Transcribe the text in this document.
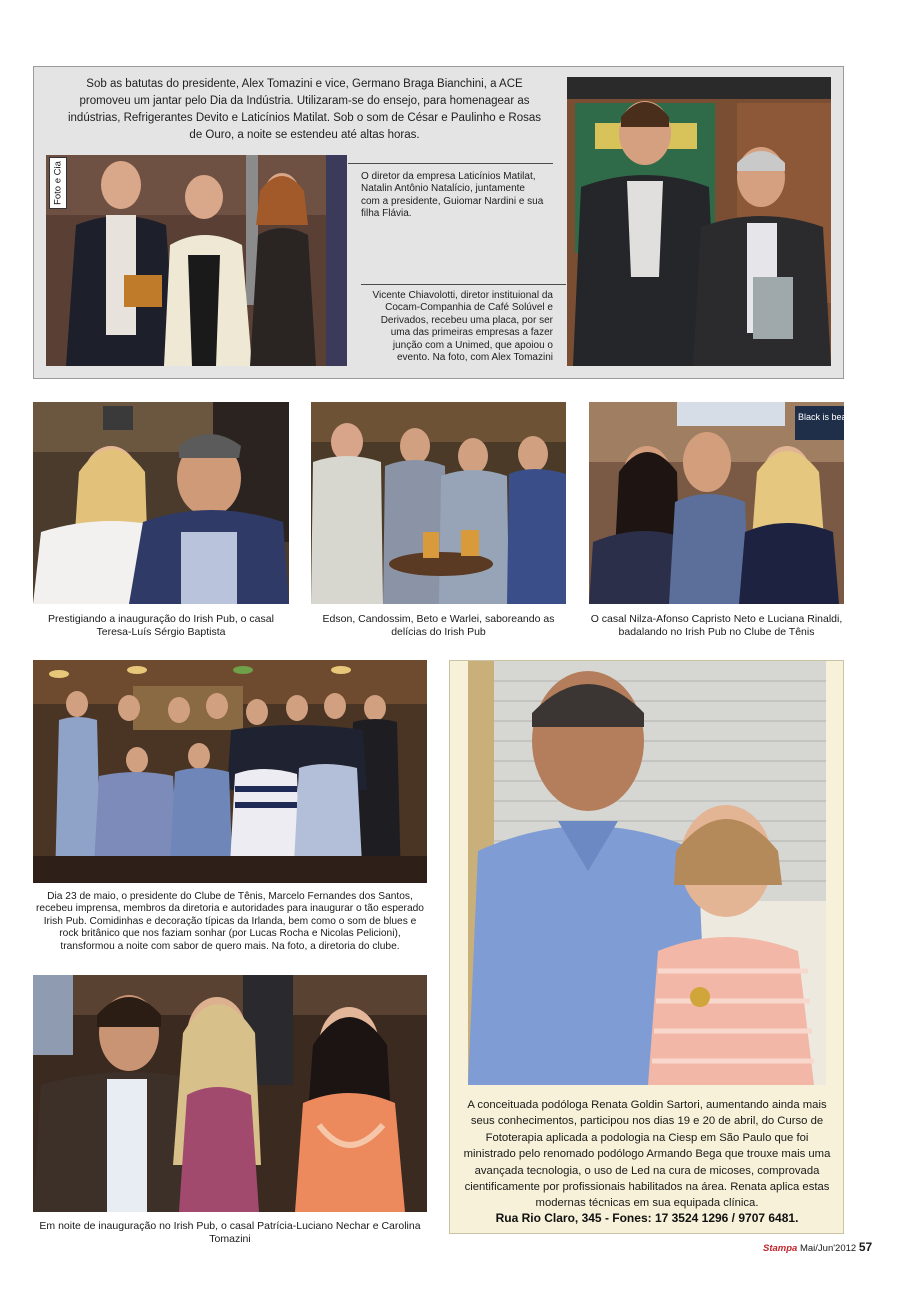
Sob as batutas do presidente, Alex Tomazini e vice, Germano Braga Bianchini, a ACE promoveu um jantar pelo Dia da Indústria. Utilizaram-se do ensejo, para homenagear as indústrias, Refrigerantes Devito e Laticínios Matilat. Sob o som de César e Paulinho e Rosas de Ouro, a noite se estendeu até altas horas.
Foto e Cia	O diretor da empresa Laticínios Matilat, Natalin Antônio Natalício, juntamente com a presidente, Guiomar Nardini e sua filha Flávia.
Vicente Chiavolotti, diretor instituional da Cocam-Companhia de Café Solúvel e Derivados, recebeu uma placa, por ser uma das primeiras empresas a fazer junção com a Unimed, que apoiou o evento. Na foto, com Alex Tomazini
Black is beau
Prestigiando a inauguração do Irish Pub, o casal Teresa-Luís Sérgio Baptista
Edson, Candossim, Beto e Warlei, saboreando as delícias do Irish Pub
O casal Nilza-Afonso Capristo Neto e Luciana Rinaldi, badalando no Irish Pub no Clube de Tênis
Dia 23 de maio, o presidente do Clube de Tênis, Marcelo Fernandes dos Santos, recebeu imprensa, membros da diretoria e autoridades para inaugurar o tão esperado Irish Pub. Comidinhas e decoração típicas da Irlanda, bem como o som de blues e rock britânico que nos faziam sonhar (por Lucas Rocha e Nicolas Pelicioni), transformou a noite com sabor de quero mais. Na foto, a diretoria do clube.
Em noite de inauguração no Irish Pub, o casal Patrícia-Luciano Nechar e Carolina Tomazini
A conceituada podóloga Renata Goldin Sartori, aumentando ainda mais seus conhecimentos, participou nos dias 19 e 20 de abril, do Curso de Fototerapia aplicada a podologia na Ciesp em São Paulo que foi ministrado pelo renomado podólogo Armando Bega que trouxe mais uma avançada tecnologia, o uso de Led na cura de micoses, comprovada cientificamente por profissionais habilitados na área. Renata aplica estas modernas técnicas em sua equipada clínica.
Rua Rio Claro, 345 - Fones: 17 3524 1296 / 9707 6481.
Stampa Mai/Jun'2012 57
